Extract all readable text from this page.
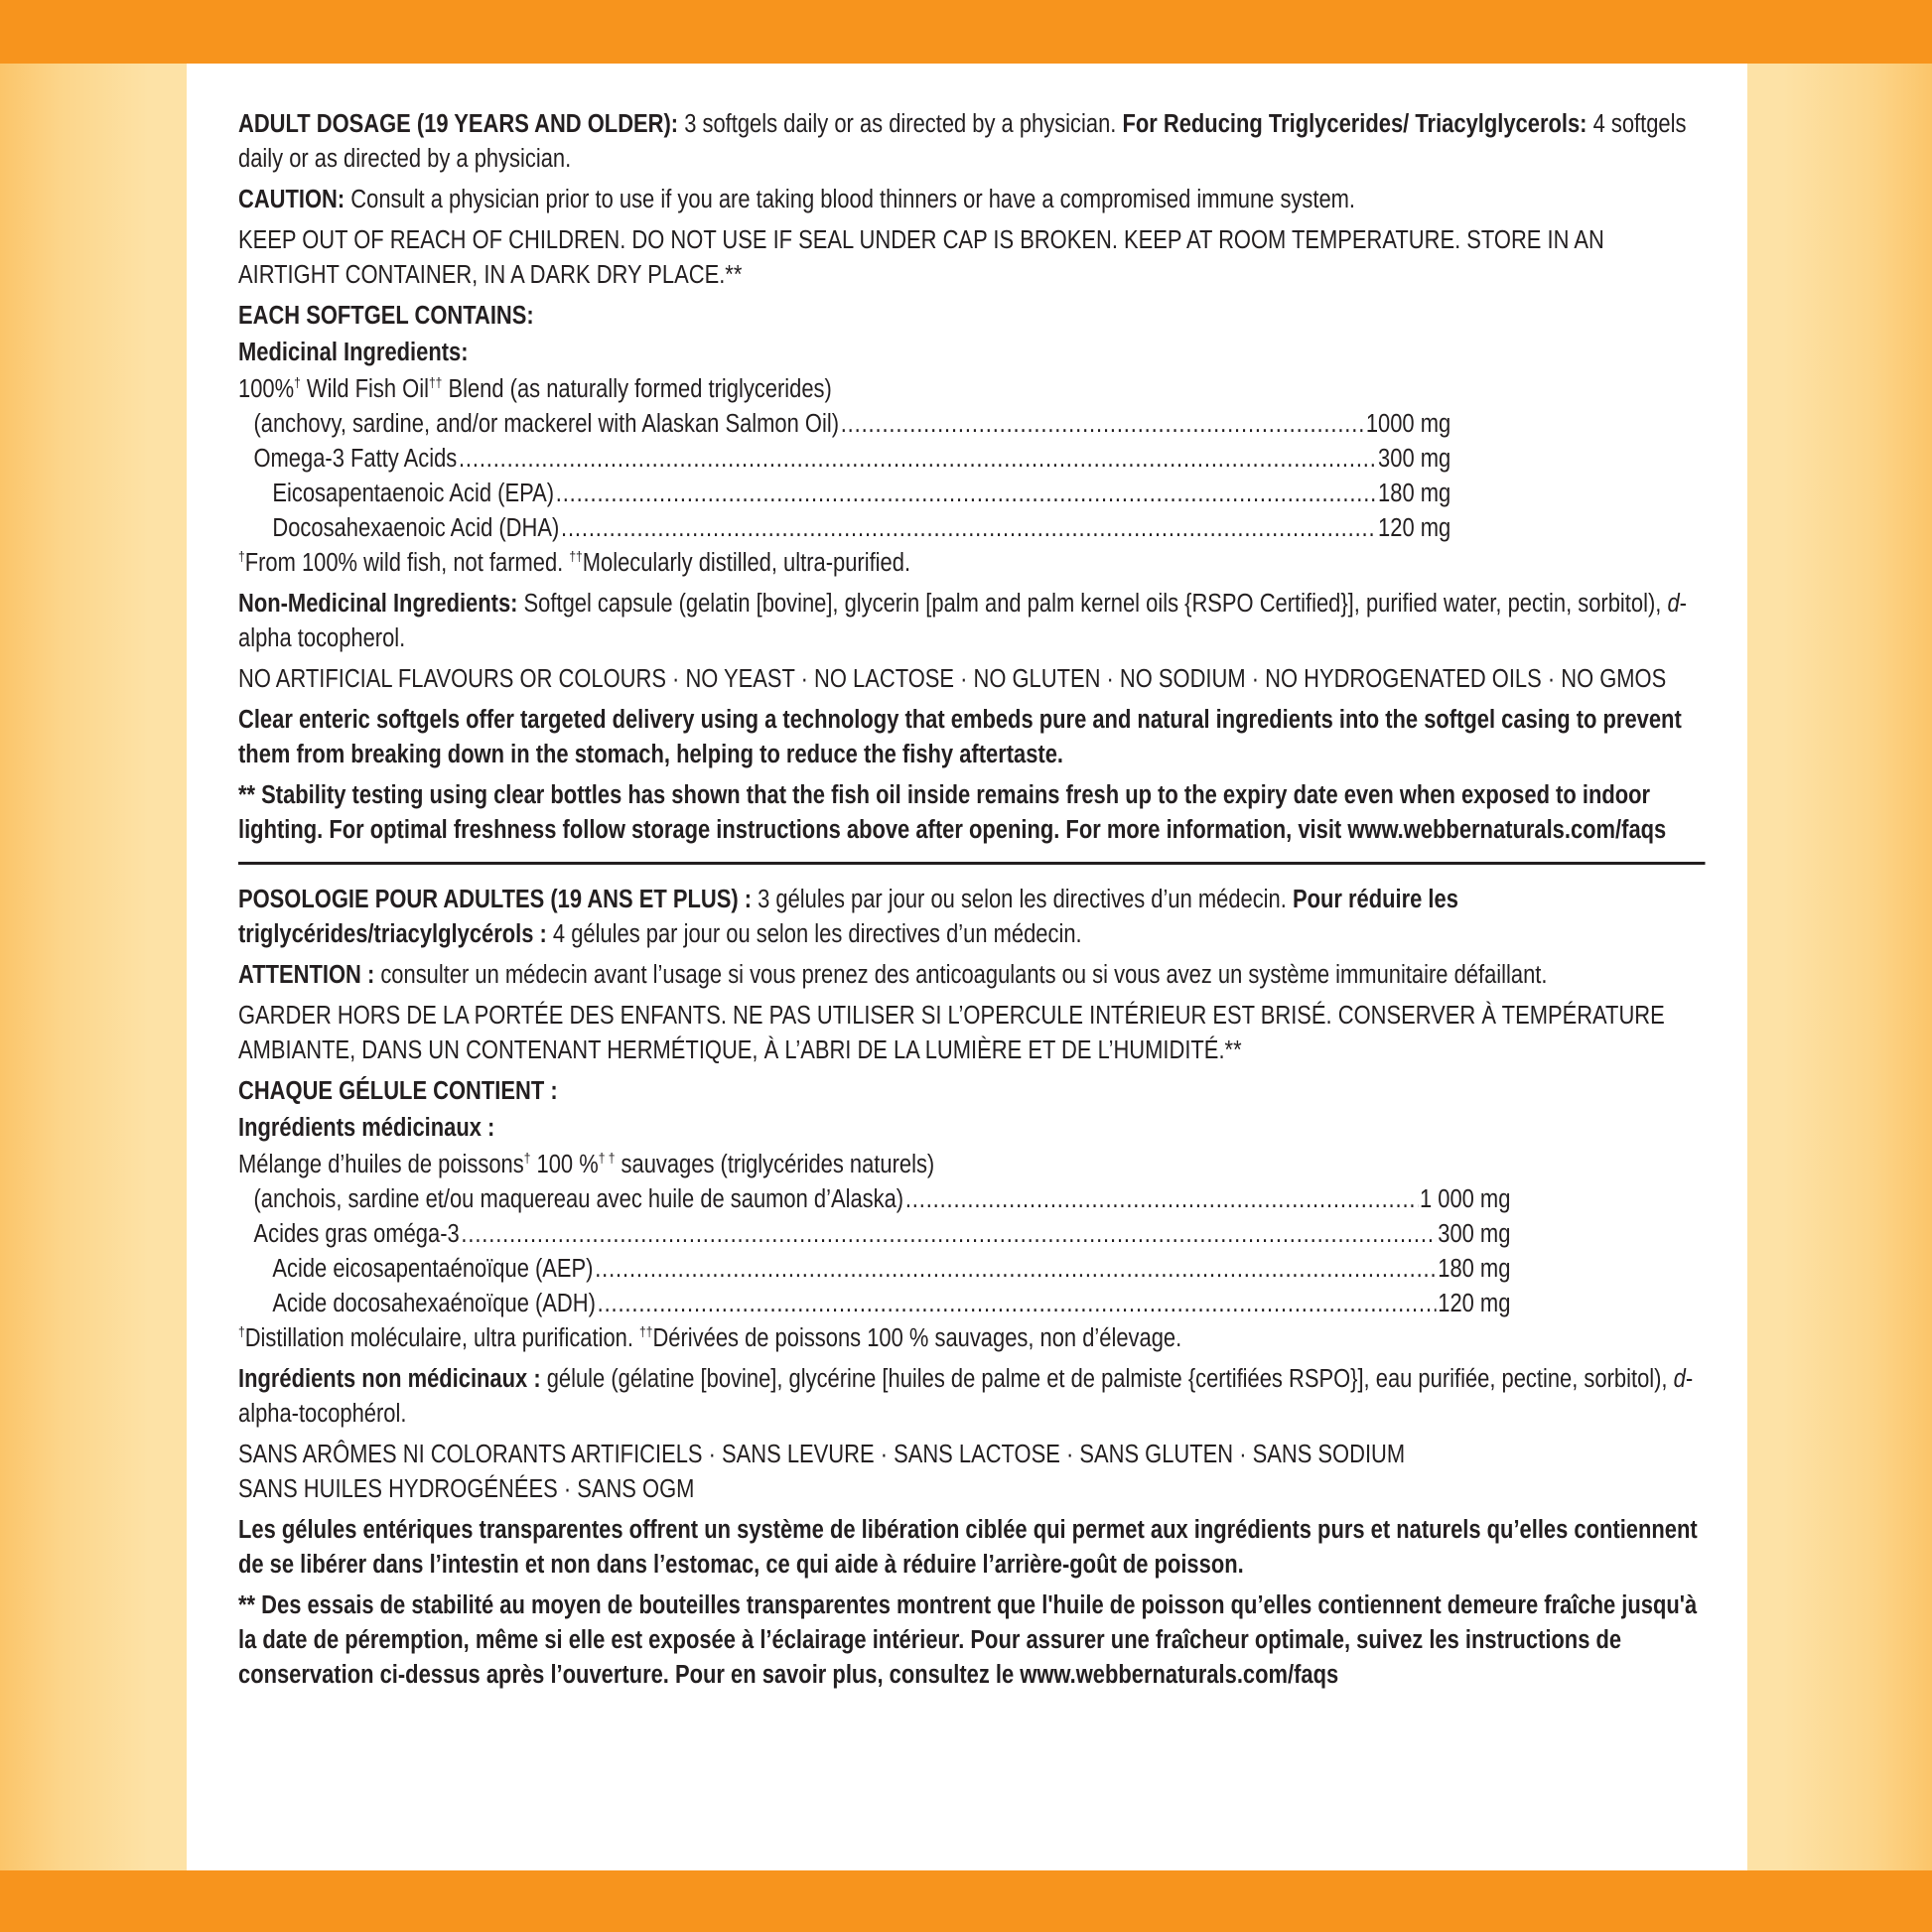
ADULT DOSAGE (19 YEARS AND OLDER): 3 softgels daily or as directed by a physician. For Reducing Triglycerides/ Triacylglycerols: 4 softgels daily or as directed by a physician.
CAUTION: Consult a physician prior to use if you are taking blood thinners or have a compromised immune system.
KEEP OUT OF REACH OF CHILDREN. DO NOT USE IF SEAL UNDER CAP IS BROKEN. KEEP AT ROOM TEMPERATURE. STORE IN AN AIRTIGHT CONTAINER, IN A DARK DRY PLACE.**
EACH SOFTGEL CONTAINS:
Medicinal Ingredients:
100%† Wild Fish Oil†† Blend (as naturally formed triglycerides)
(anchovy, sardine, and/or mackerel with Alaskan Salmon Oil) .....	1000 mg
Omega-3 Fatty Acids .....	300 mg
Eicosapentaenoic Acid (EPA) .....	180 mg
Docosahexaenoic Acid (DHA) .....	120 mg
†From 100% wild fish, not farmed. ††Molecularly distilled, ultra-purified.
Non-Medicinal Ingredients: Softgel capsule (gelatin [bovine], glycerin [palm and palm kernel oils {RSPO Certified}], purified water, pectin, sorbitol), d-alpha tocopherol.
NO ARTIFICIAL FLAVOURS OR COLOURS · NO YEAST · NO LACTOSE · NO GLUTEN · NO SODIUM · NO HYDROGENATED OILS · NO GMOS
Clear enteric softgels offer targeted delivery using a technology that embeds pure and natural ingredients into the softgel casing to prevent them from breaking down in the stomach, helping to reduce the fishy aftertaste.
** Stability testing using clear bottles has shown that the fish oil inside remains fresh up to the expiry date even when exposed to indoor lighting. For optimal freshness follow storage instructions above after opening. For more information, visit www.webbernaturals.com/faqs
POSOLOGIE POUR ADULTES (19 ANS ET PLUS) : 3 gélules par jour ou selon les directives d’un médecin. Pour réduire les triglycérides/triacylglycérols : 4 gélules par jour ou selon les directives d’un médecin.
ATTENTION : consulter un médecin avant l’usage si vous prenez des anticoagulants ou si vous avez un système immunitaire défaillant.
GARDER HORS DE LA PORTÉE DES ENFANTS. NE PAS UTILISER SI L’OPERCULE INTÉRIEUR EST BRISÉ. CONSERVER À TEMPÉRATURE AMBIANTE, DANS UN CONTENANT HERMÉTIQUE, À L’ABRI DE LA LUMIÈRE ET DE L’HUMIDITÉ.**
CHAQUE GÉLULE CONTIENT :
Ingrédients médicinaux :
Mélange d’huiles de poissons† 100 %† † sauvages (triglycérides naturels)
(anchois, sardine et/ou maquereau avec huile de saumon d’Alaska) .....	1 000 mg
Acides gras oméga-3 .....	300 mg
Acide eicosapentaénoïque (AEP) .....	180 mg
Acide docosahexaénoïque (ADH) .....	120 mg
†Distillation moléculaire, ultra purification. ††Dérivées de poissons 100 % sauvages, non d’élevage.
Ingrédients non médicinaux : gélule (gélatine [bovine], glycérine [huiles de palme et de palmiste {certifiées RSPO}], eau purifiée, pectine, sorbitol), d-alpha-tocophérol.
SANS ARÔMES NI COLORANTS ARTIFICIELS · SANS LEVURE · SANS LACTOSE · SANS GLUTEN · SANS SODIUM
SANS HUILES HYDROGÉNÉES · SANS OGM
Les gélules entériques transparentes offrent un système de libération ciblée qui permet aux ingrédients purs et naturels qu’elles contiennent de se libérer dans l’intestin et non dans l’estomac, ce qui aide à réduire l’arrière-goût de poisson.
** Des essais de stabilité au moyen de bouteilles transparentes montrent que l'huile de poisson qu’elles contiennent demeure fraîche jusqu'à la date de péremption, même si elle est exposée à l’éclairage intérieur. Pour assurer une fraîcheur optimale, suivez les instructions de conservation ci-dessus après l’ouverture. Pour en savoir plus, consultez le www.webbernaturals.com/faqs
